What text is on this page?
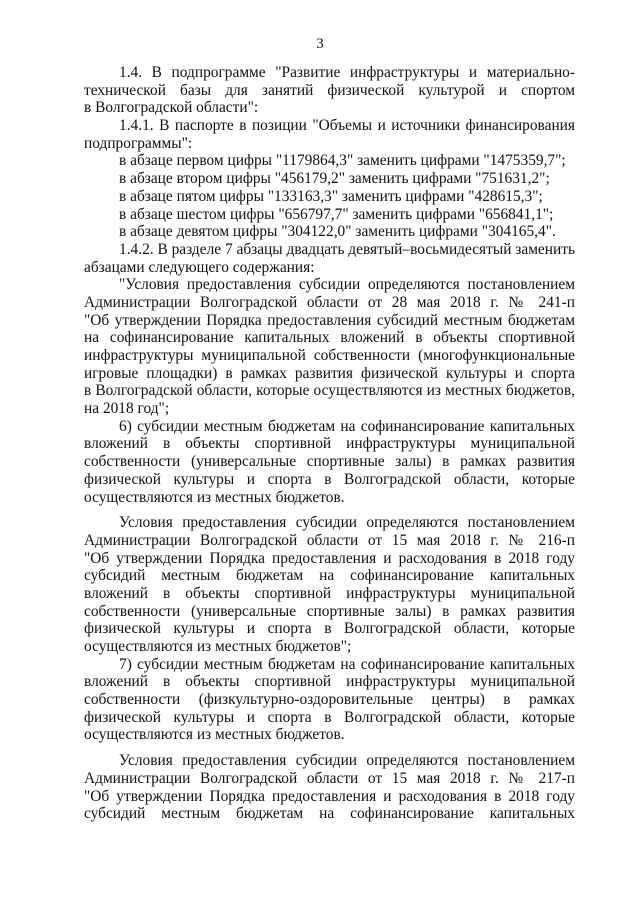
3
1.4. В подпрограмме "Развитие инфраструктуры и материально-
технической базы для занятий физической культурой и спортом
в Волгоградской области":
1.4.1. В паспорте в позиции "Объемы и источники финансирования
подпрограммы":
в абзаце первом цифры "1179864,3" заменить цифрами "1475359,7";
в абзаце втором цифры "456179,2" заменить цифрами "751631,2";
в абзаце пятом цифры "133163,3" заменить цифрами "428615,3";
в абзаце шестом цифры "656797,7" заменить цифрами "656841,1";
в абзаце девятом цифры "304122,0" заменить цифрами "304165,4".
1.4.2. В разделе 7 абзацы двадцать девятый–восьмидесятый заменить
абзацами следующего содержания:
"Условия предоставления субсидии определяются постановлением
Администрации Волгоградской области от 28 мая 2018 г. № 241-п
"Об утверждении Порядка предоставления субсидий местным бюджетам
на софинансирование капитальных вложений в объекты спортивной
инфраструктуры муниципальной собственности (многофункциональные
игровые площадки) в рамках развития физической культуры и спорта
в Волгоградской области, которые осуществляются из местных бюджетов,
на 2018 год";
6) субсидии местным бюджетам на софинансирование капитальных
вложений в объекты спортивной инфраструктуры муниципальной
собственности (универсальные спортивные залы) в рамках развития
физической культуры и спорта в Волгоградской области, которые
осуществляются из местных бюджетов.
Условия предоставления субсидии определяются постановлением
Администрации Волгоградской области от 15 мая 2018 г. № 216-п
"Об утверждении Порядка предоставления и расходования в 2018 году
субсидий местным бюджетам на софинансирование капитальных
вложений в объекты спортивной инфраструктуры муниципальной
собственности (универсальные спортивные залы) в рамках развития
физической культуры и спорта в Волгоградской области, которые
осуществляются из местных бюджетов";
7) субсидии местным бюджетам на софинансирование капитальных
вложений в объекты спортивной инфраструктуры муниципальной
собственности (физкультурно-оздоровительные центры) в рамках
физической культуры и спорта в Волгоградской области, которые
осуществляются из местных бюджетов.
Условия предоставления субсидии определяются постановлением
Администрации Волгоградской области от 15 мая 2018 г. № 217-п
"Об утверждении Порядка предоставления и расходования в 2018 году
субсидий местным бюджетам на софинансирование капитальных
